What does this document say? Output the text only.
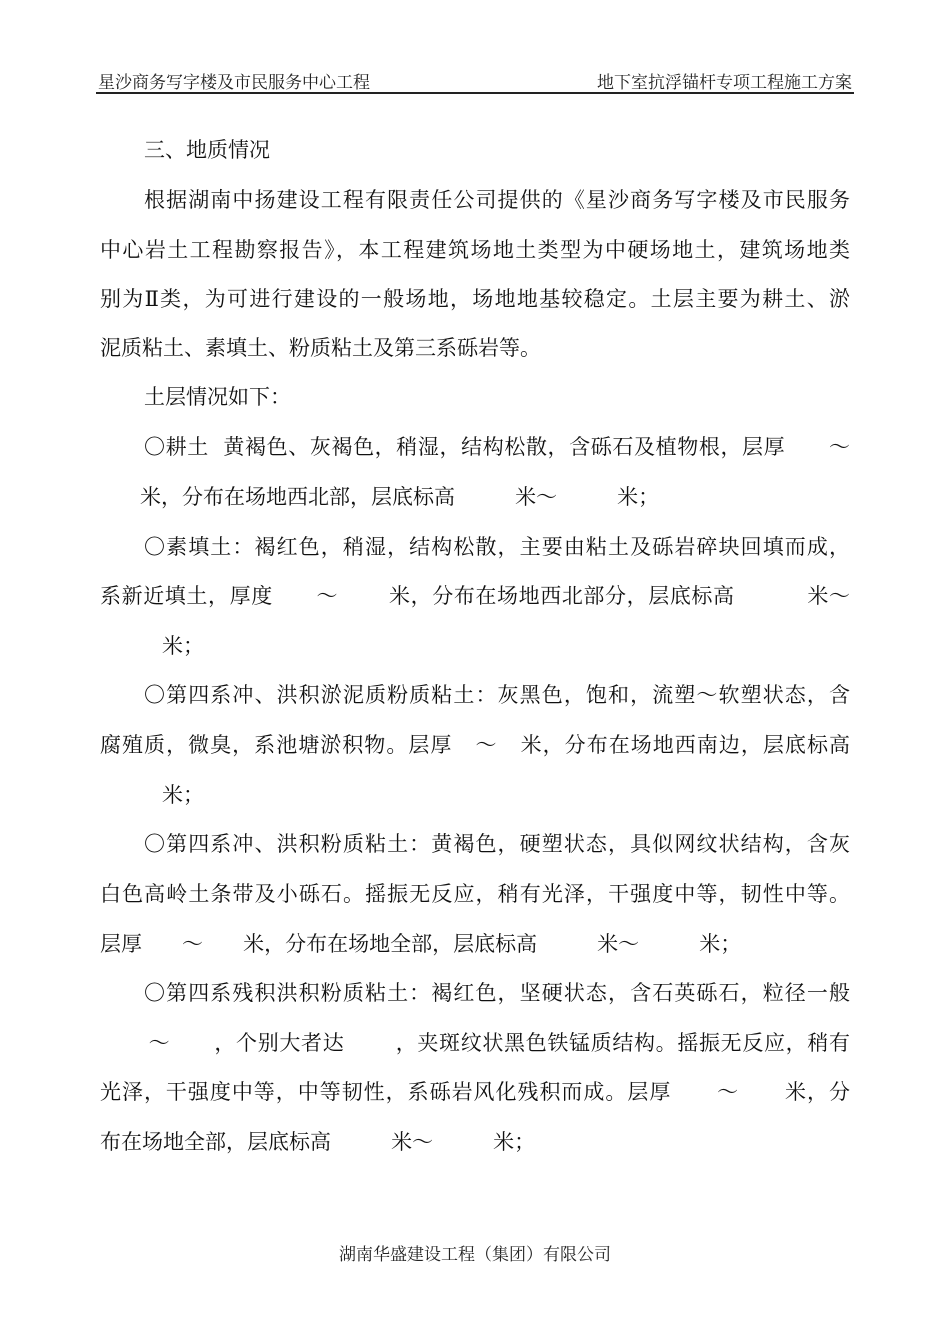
星沙商务写字楼及市民服务中心工程	地下室抗浮锚杆专项工程施工方案
三、地质情况
根据湖南中扬建设工程有限责任公司提供的《星沙商务写字楼及市民服务
中心岩土工程勘察报告》，本工程建筑场地土类型为中硬场地土，建筑场地类
别为Ⅱ类，为可进行建设的一般场地，场地地基较稳定。土层主要为耕土、淤
泥质粘土、素填土、粉质粘土及第三系砾岩等。
土层情况如下：
〇耕土  黄褐色、灰褐色，稍湿，结构松散，含砾石及植物根，层厚      ～
米，分布在场地西北部，层底标高         米～         米；
〇素填土：褐红色，稍湿，结构松散，主要由粘土及砾岩碎块回填而成，
系新近填土，厚度      ～       米，分布在场地西北部分，层底标高          米～
米；
〇第四系冲、洪积淤泥质粉质粘土：灰黑色，饱和，流塑～软塑状态，含
腐殖质，微臭，系池塘淤积物。层厚   ～   米，分布在场地西南边，层底标高
米；
〇第四系冲、洪积粉质粘土：黄褐色，硬塑状态，具似网纹状结构，含灰
白色高岭土条带及小砾石。摇振无反应，稍有光泽，干强度中等，韧性中等。
层厚      ～      米，分布在场地全部，层底标高         米～         米；
〇第四系残积洪积粉质粘土：褐红色，坚硬状态，含石英砾石，粒径一般
～      ，个别大者达       ，夹斑纹状黑色铁锰质结构。摇振无反应，稍有
光泽，干强度中等，中等韧性，系砾岩风化残积而成。层厚      ～      米，分
布在场地全部，层底标高         米～         米；
湖南华盛建设工程（集团）有限公司
